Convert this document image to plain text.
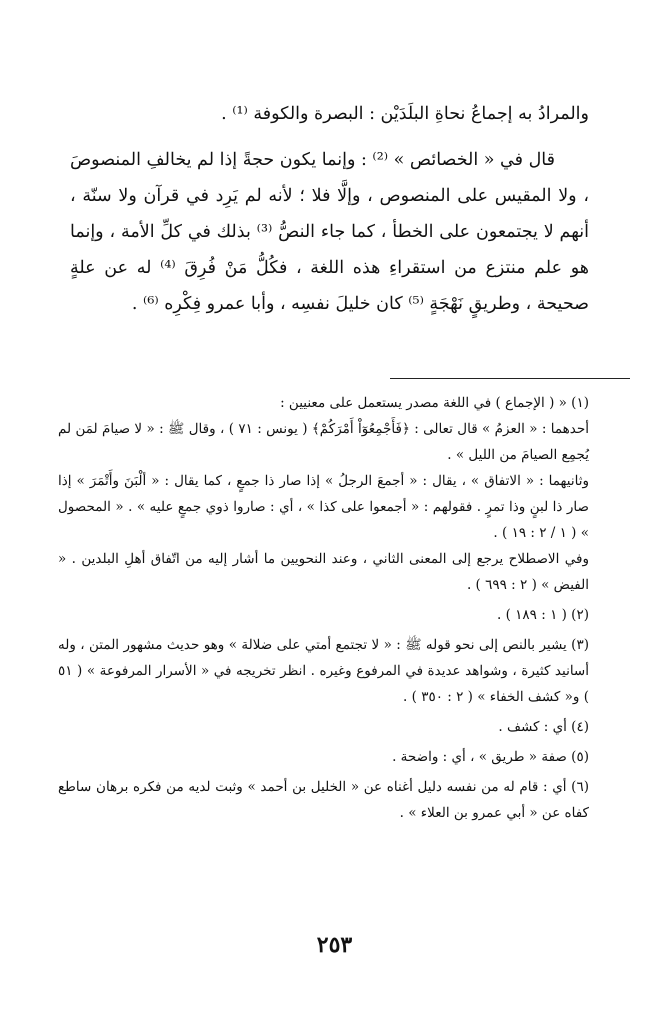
والمرادُ به إجماعُ نحاةِ البلَدَيْن : البصرة والكوفة ⁽¹⁾ .

قال في « الخصائص » ⁽²⁾ : وإنما يكون حجةً إذا لم يخالفِ المنصوصَ ، ولا المقيس على المنصوص ، وإلَّا فلا ؛ لأنه لم يَرِد في قرآن ولا سنّة ، أنهم لا يجتمعون على الخطأ ، كما جاء النصُّ ⁽³⁾ بذلك في كلِّ الأمة ، وإنما هو علم منتزع من استقراءِ هذه اللغة ، فكُلُّ مَنْ فُرِقَ ⁽⁴⁾ له عن علةٍ صحيحة ، وطريقٍ نَهْجَةٍ ⁽⁵⁾ كان خليلَ نفسِه ، وأبا عمرو فِكْرِه ⁽⁶⁾ .

(١) « ( الإجماع ) في اللغة مصدر يستعمل على معنيين :
أحدهما : « العزمُ » قال تعالى : ﴿فَأَجْمِعُوٓاْ أَمْرَكُمْ﴾ ( يونس : ٧١ ) ، وقال ﷺ : « لا صيامَ لمَن لم يُجمِع الصيامَ من الليل » .
وثانيهما : « الاتفاق » ، يقال : « أجمعَ الرجلُ » إذا صار ذا جمعٍ ، كما يقال : « ألْبَنَ وأَتْمَرَ » إذا صار ذا لبنٍ وذا تمرٍ . فقولهم : « أجمعوا على كذا » ، أي : صاروا ذوي جمعٍ عليه » . « المحصول » ( ١ / ٢ : ١٩ ) .
وفي الاصطلاح يرجع إلى المعنى الثاني ، وعند النحويين ما أشار إليه من اتّفاق أهلِ البلدين . « الفيض » ( ٢ : ٦٩٩ ) .
(٢) ( ١ : ١٨٩ ) .
(٣) يشير بالنص إلى نحو قوله ﷺ : « لا تجتمع أمتي على ضلالة » وهو حديث مشهور المتن ، وله أسانيد كثيرة ، وشواهد عديدة في المرفوع وغيره . انظر تخريجه في « الأسرار المرفوعة » ( ٥١ ) و« كشف الخفاء » ( ٢ : ٣٥٠ ) .
(٤) أي : كشف .
(٥) صفة « طريق » ، أي : واضحة .
(٦) أي : قام له من نفسه دليل أغناه عن « الخليل بن أحمد » وثبت لديه من فكره برهان ساطع كفاه عن « أبي عمرو بن العلاء » .
٢٥٣
